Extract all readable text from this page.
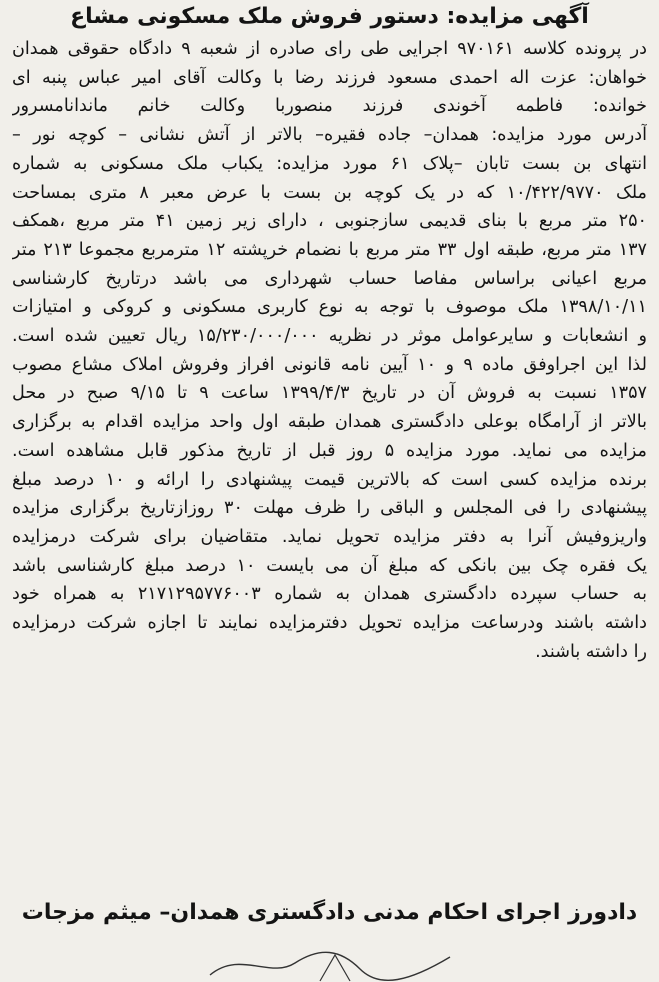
آگهی مزایده: دستور فروش ملک مسکونی مشاع
در پرونده کلاسه ۹۷۰۱۶۱ اجرایی طی رای صادره از شعبه ۹ دادگاه حقوقی همدان
خواهان: عزت اله احمدی مسعود فرزند رضا با وکالت آقای امیر عباس پنبه ای
خوانده: فاطمه آخوندی فرزند منصوربا وکالت خانم ماندانامسرور
آدرس مورد مزایده: همدان– جاده فقیره– بالاتر از آتش نشانی – کوچه نور –
انتهای بن بست تابان –پلاک ۶۱ مورد مزایده: یکباب ملک مسکونی به شماره
ملک ۱۰/۴۲۲/۹۷۷۰ که در یک کوچه بن بست با عرض معبر ۸ متری بمساحت
۲۵۰ متر مربع با بنای قدیمی سازجنوبی ، دارای زیر زمین ۴۱ متر مربع ،همکف
۱۳۷ متر مربع، طبقه اول ۳۳ متر مربع با نضمام خرپشته ۱۲ مترمربع مجموعا ۲۱۳ متر
مربع اعیانی براساس مفاصا حساب شهرداری می باشد درتاریخ کارشناسی
۱۳۹۸/۱۰/۱۱ ملک موصوف با توجه به نوع کاربری مسکونی و کروکی و امتیازات
و انشعابات و سایرعوامل موثر در نظریه ۱۵/۲۳۰/۰۰۰/۰۰۰ ریال تعیین شده است.
لذا این اجراوفق ماده ۹ و ۱۰ آیین نامه قانونی افراز وفروش املاک مشاع مصوب
۱۳۵۷ نسبت به فروش آن در تاریخ ۱۳۹۹/۴/۳ ساعت ۹ تا ۹/۱۵ صبح در محل
بالاتر از آرامگاه بوعلی دادگستری همدان طبقه اول واحد مزایده اقدام به برگزاری
مزایده می نماید. مورد مزایده ۵ روز قبل از تاریخ مذکور قابل مشاهده است.
برنده مزایده کسی است که بالاترین قیمت پیشنهادی را ارائه و ۱۰ درصد مبلغ
پیشنهادی را فی المجلس و الباقی را ظرف مهلت ۳۰ روزازتاریخ برگزاری مزایده
واریزوفیش آنرا به دفتر مزایده تحویل نماید. متقاضیان برای شرکت درمزایده
یک فقره چک بین بانکی که مبلغ آن می بایست ۱۰ درصد مبلغ کارشناسی باشد
به حساب سپرده دادگستری همدان به شماره ۲۱۷۱۲۹۵۷۷۶۰۰۳ به همراه خود
داشته باشند ودرساعت مزایده تحویل دفترمزایده نمایند تا اجازه شرکت درمزایده
را داشته باشند.
دادورز اجرای احکام مدنی دادگستری همدان– میثم مزجات
